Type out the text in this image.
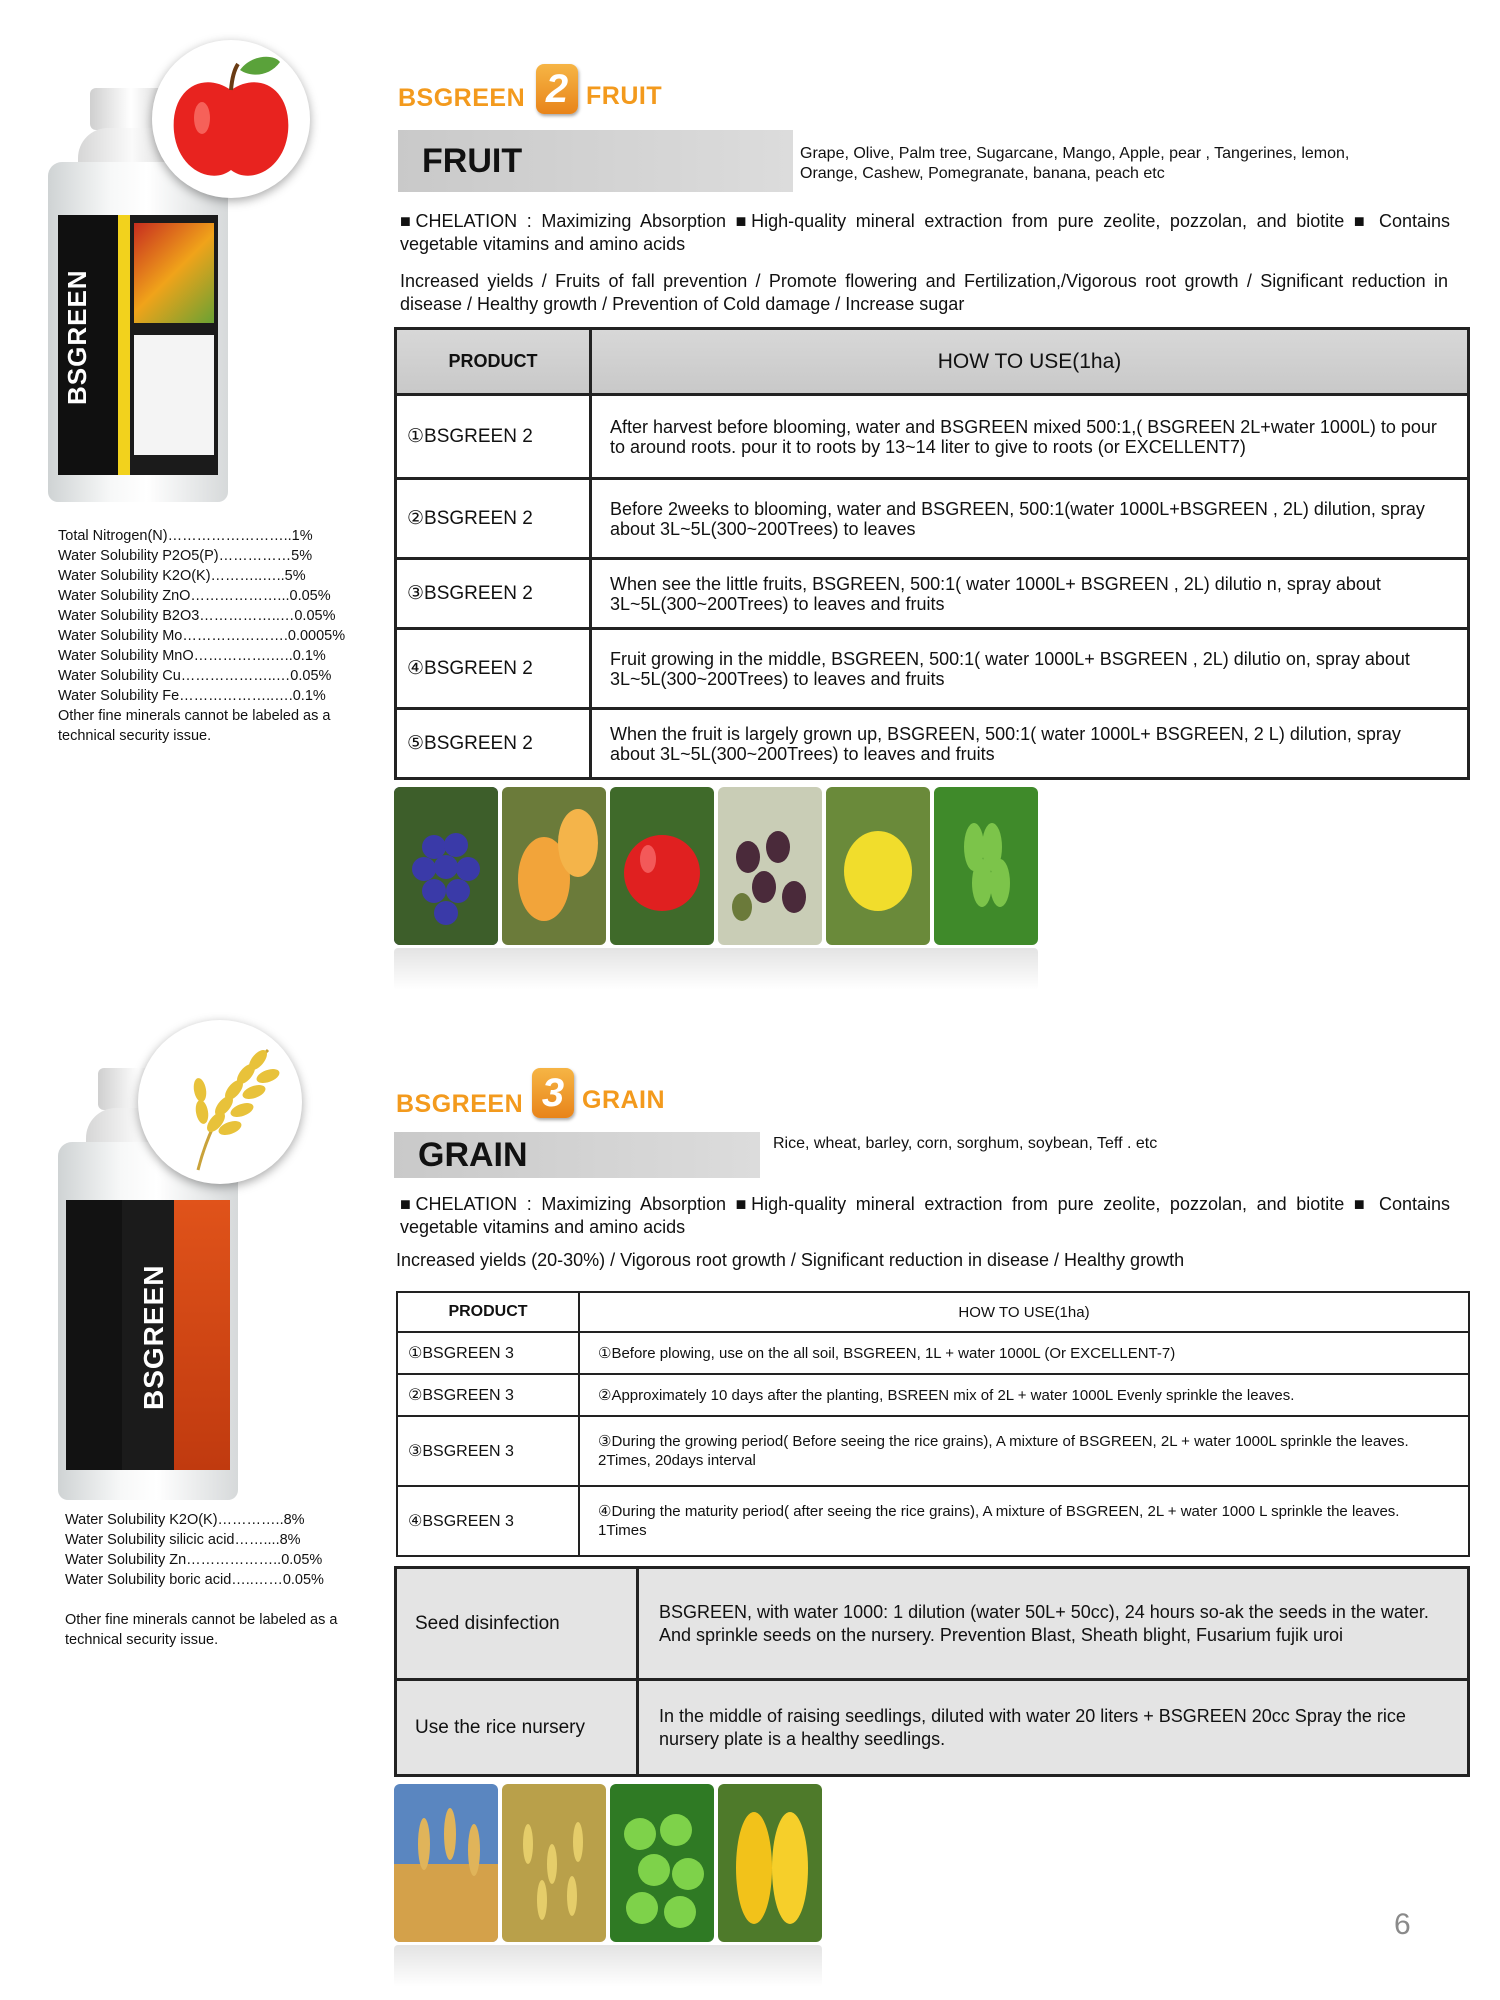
BSGREEN
BSGREEN 2 FRUIT
FRUIT	Grape, Olive, Palm tree, Sugarcane, Mango, Apple, pear , Tangerines, lemon, Orange, Cashew, Pomegranate, banana, peach etc
■CHELATION : Maximizing Absorption ■High-quality mineral extraction from pure zeolite, pozzolan, and biotite ■ Contains vegetable vitamins and amino acids
Increased yields / Fruits of fall prevention / Promote flowering and Fertilization,/Vigorous root growth / Significant reduction in disease / Healthy growth / Prevention of Cold damage / Increase sugar
PRODUCT	HOW TO USE(1ha)
①BSGREEN 2	After harvest before blooming, water and BSGREEN mixed 500:1,( BSGREEN 2L+water 1000L) to pour to around roots. pour it to roots by 13~14 liter to give to roots (or EXCELLENT7)
②BSGREEN 2	Before 2weeks to blooming, water and BSGREEN, 500:1(water 1000L+BSGREEN , 2L) dilution, spray about 3L~5L(300~200Trees) to leaves
③BSGREEN 2	When see the little fruits, BSGREEN, 500:1( water 1000L+ BSGREEN , 2L) dilutio n, spray about 3L~5L(300~200Trees) to leaves and fruits
④BSGREEN 2	Fruit growing in the middle, BSGREEN, 500:1( water 1000L+ BSGREEN , 2L) dilutio on, spray about 3L~5L(300~200Trees) to leaves and fruits
⑤BSGREEN 2	When the fruit is largely grown up, BSGREEN, 500:1( water 1000L+ BSGREEN, 2 L) dilution, spray about 3L~5L(300~200Trees) to leaves and fruits
Total Nitrogen(N)……………………..1%
Water Solubility P2O5(P)……………5%
Water Solubility K2O(K)………..…..5%
Water Solubility ZnO………………...0.05%
Water Solubility B2O3……………..…0.05%
Water Solubility Mo………………….0.0005%
Water Solubility MnO…………….…..0.1%
Water Solubility Cu………………..…0.05%
Water Solubility Fe………………..….0.1%
Other fine minerals cannot be labeled as a technical security issue.
BSGREEN
BSGREEN 3 GRAIN
GRAIN	Rice, wheat, barley, corn, sorghum, soybean, Teff . etc
■CHELATION : Maximizing Absorption ■High-quality mineral extraction from pure zeolite, pozzolan, and biotite ■ Contains vegetable vitamins and amino acids
Increased yields (20-30%) / Vigorous root growth / Significant reduction in disease / Healthy growth
PRODUCT	HOW TO USE(1ha)
①BSGREEN 3	①Before plowing, use on the all soil, BSGREEN, 1L + water 1000L (Or EXCELLENT-7)
②BSGREEN 3	②Approximately 10 days after the planting, BSREEN mix of 2L + water 1000L Evenly sprinkle the leaves.
③BSGREEN 3	③During the growing period( Before seeing the rice grains), A mixture of BSGREEN, 2L + water 1000L sprinkle the leaves. 2Times, 20days interval
④BSGREEN 3	④During the maturity period( after seeing the rice grains), A mixture of BSGREEN, 2L + water 1000 L sprinkle the leaves. 1Times
Seed disinfection	BSGREEN, with water 1000: 1 dilution (water 50L+ 50cc), 24 hours so-ak the seeds in the water. And sprinkle seeds on the nursery. Prevention Blast, Sheath blight, Fusarium fujik uroi
Use the rice nursery	In the middle of raising seedlings, diluted with water 20 liters + BSGREEN 20cc Spray the rice nursery plate is a healthy seedlings.
Water Solubility K2O(K)…………..8%
Water Solubility silicic acid……....8%
Water Solubility Zn………………..0.05%
Water Solubility boric acid…..……0.05%
Other fine minerals cannot be labeled as a technical security issue.
6
